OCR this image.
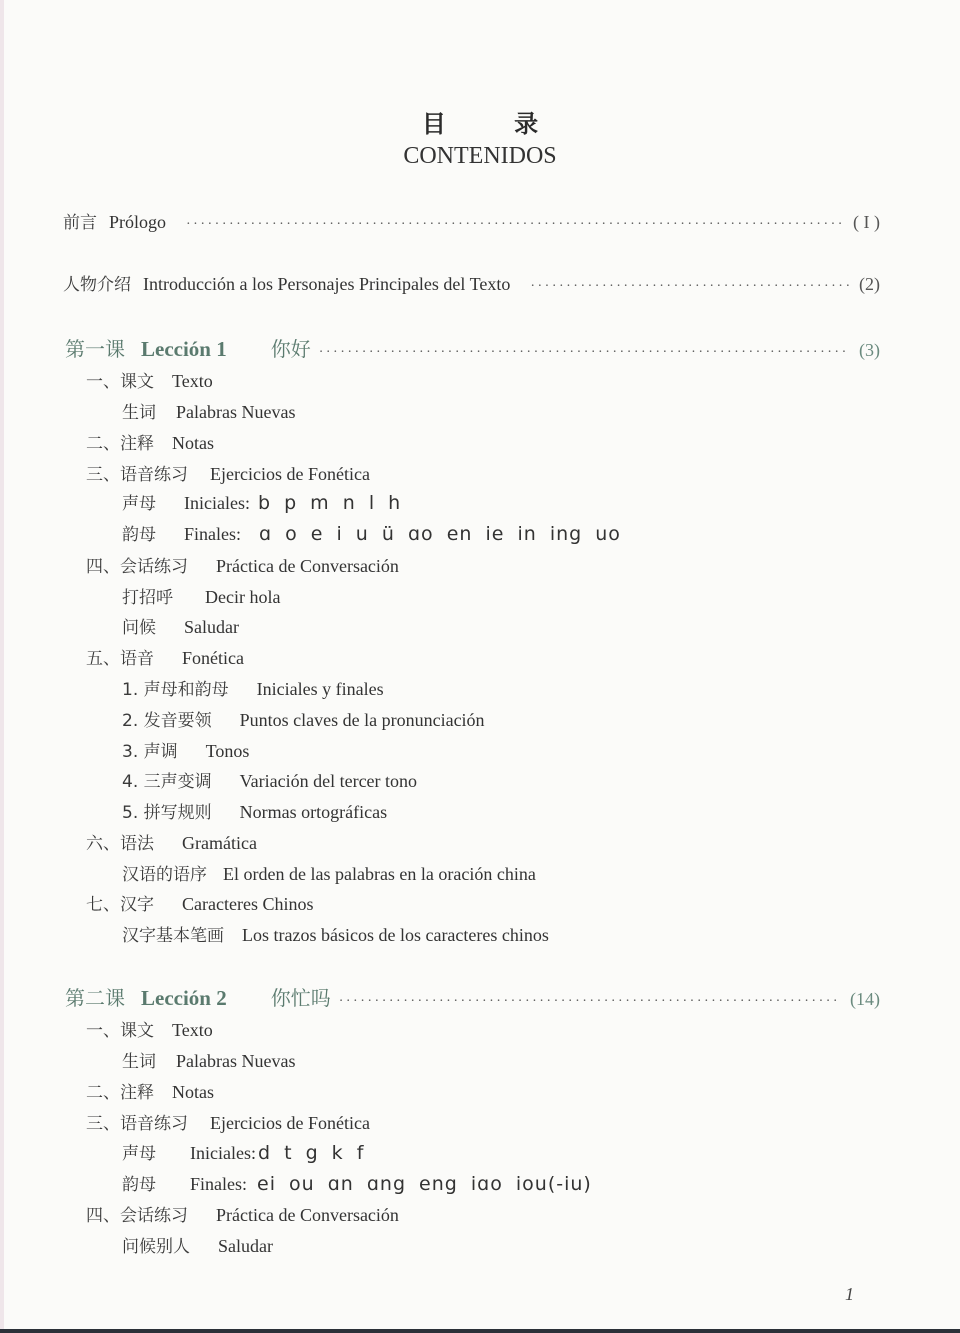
目 录
CONTENIDOS
前言 Prólogo ·····	( I )
人物介绍 Introducción a los Personajes Principales del Texto ·····	(2)
第一课 Lección 1 你好 ·····	(3)
一、课文 Texto
生词 Palabras Nuevas
二、注释 Notas
三、语音练习 Ejercicios de Fonética
声母 Iniciales: b p m n l h
韵母 Finales: ɑ o e i u ü ɑo en ie in ing uo
四、会话练习 Práctica de Conversación
打招呼 Decir hola
问候 Saludar
五、语音 Fonética
1. 声母和韵母 Iniciales y finales
2. 发音要领 Puntos claves de la pronunciación
3. 声调 Tonos
4. 三声变调 Variación del tercer tono
5. 拼写规则 Normas ortográficas
六、语法 Gramática
汉语的语序 El orden de las palabras en la oración china
七、汉字 Caracteres Chinos
汉字基本笔画 Los trazos básicos de los caracteres chinos
第二课 Lección 2 你忙吗 ·····	(14)
一、课文 Texto
生词 Palabras Nuevas
二、注释 Notas
三、语音练习 Ejercicios de Fonética
声母 Iniciales: d t g k f
韵母 Finales: ei ou ɑn ɑng eng iɑo iou(-iu)
四、会话练习 Práctica de Conversación
问候别人 Saludar
1
